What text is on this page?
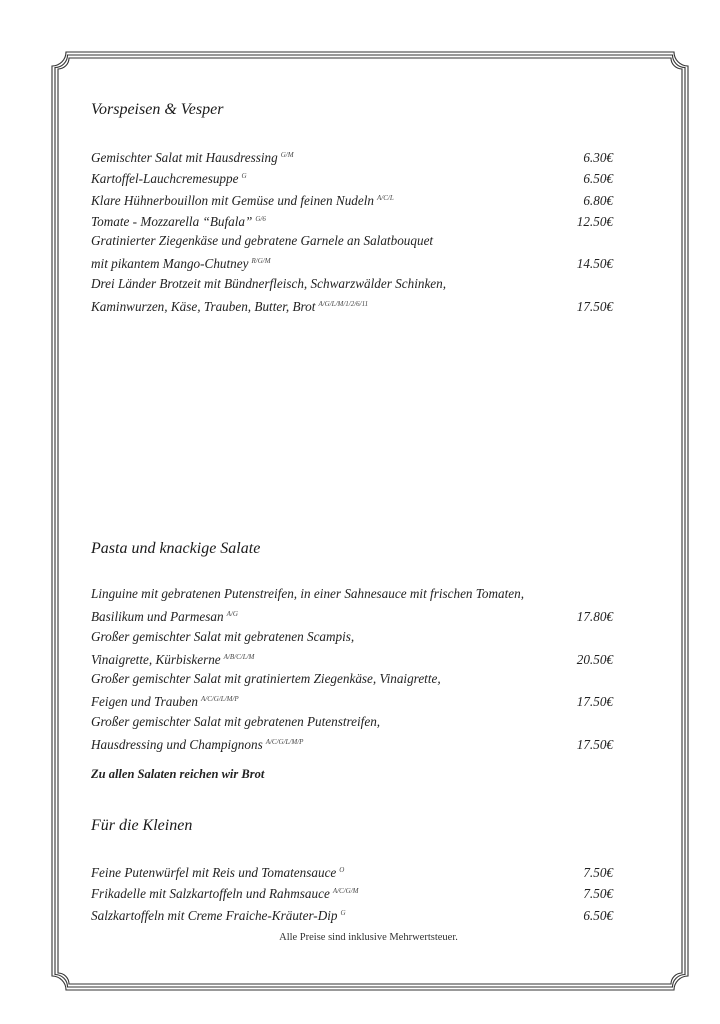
Vorspeisen & Vesper
Gemischter Salat mit Hausdressing $^{G/M}$	6.30€
Kartoffel-Lauchcremesuppe $^G$	6.50€
Klare Hühnerbouillon mit Gemüse und feinen Nudeln $^{A/C/L}$	6.80€
Tomate - Mozzarella “Bufala” $^{G/6}$	12.50€
Gratinierter Ziegenkäse und gebratene Garnele an Salatbouquet
mit pikantem Mango-Chutney $^{R/G/M}$	14.50€
Drei Länder Brotzeit mit Bündnerfleisch, Schwarzwälder Schinken,
Kaminwurzen, Käse, Trauben, Butter, Brot $^{A/G/L/M/1/2/6/11}$	17.50€
Pasta und knackige Salate
Linguine mit gebratenen Putenstreifen, in einer Sahnesauce mit frischen Tomaten,
Basilikum und Parmesan $^{A/G}$	17.80€
Großer gemischter Salat mit gebratenen Scampis,
Vinaigrette, Kürbiskerne $^{A/B/C/L/M}$	20.50€
Großer gemischter Salat mit gratiniertem Ziegenkäse, Vinaigrette,
Feigen und Trauben $^{A/C/G/L/M/P}$	17.50€
Großer gemischter Salat mit gebratenen Putenstreifen,
Hausdressing und Champignons $^{A/C/G/L/M/P}$	17.50€
Zu allen Salaten reichen wir Brot
Für die Kleinen
Feine Putenwürfel mit Reis und Tomatensauce $^O$	7.50€
Frikadelle mit Salzkartoffeln und Rahmsauce $^{A/C/G/M}$	7.50€
Salzkartoffeln mit Creme Fraiche-Kräuter-Dip $^G$	6.50€
Alle Preise sind inklusive Mehrwertsteuer.
